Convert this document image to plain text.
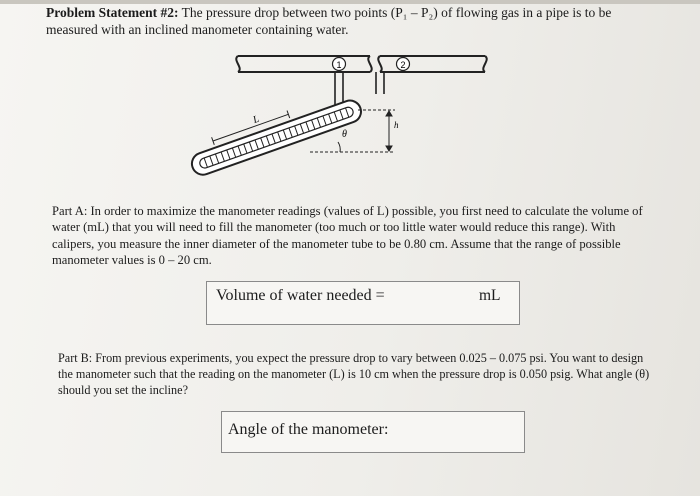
Problem Statement #2: The pressure drop between two points (P₁ – P₂) of flowing gas in a pipe is to be measured with an inclined manometer containing water.

1	2
L	h
θ

Part A: In order to maximize the manometer readings (values of L) possible, you first need to calculate the volume of water (mL) that you will need to fill the manometer (too much or too little water would reduce this range). With calipers, you measure the inner diameter of the manometer tube to be 0.80 cm. Assume that the range of possible manometer values is 0 – 20 cm.

Volume of water needed =	mL

Part B: From previous experiments, you expect the pressure drop to vary between 0.025 – 0.075 psi. You want to design the manometer such that the reading on the manometer (L) is 10 cm when the pressure drop is 0.050 psig. What angle (θ) should you set the incline?

Angle of the manometer:
